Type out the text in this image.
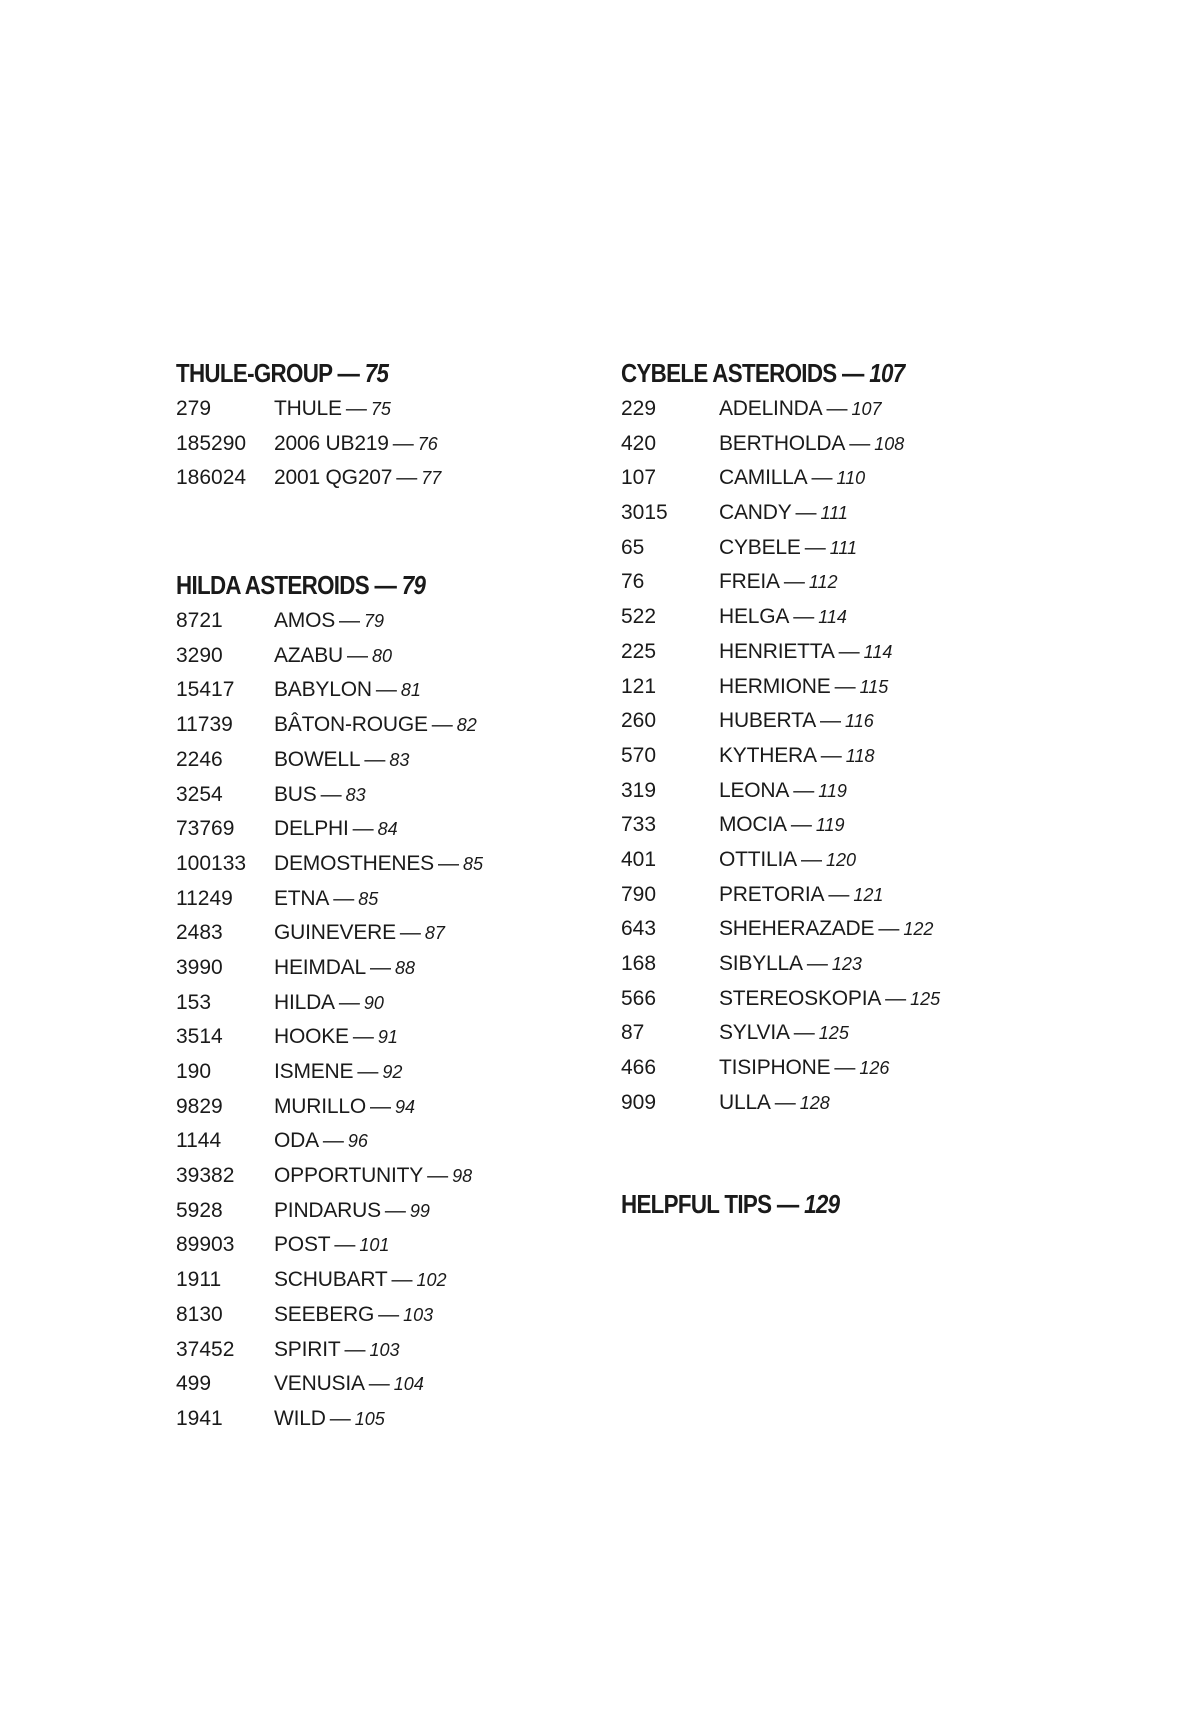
THULE-GROUP — 75
279	THULE — 75
185290	2006 UB219 — 76
186024	2001 QG207 — 77
HILDA ASTEROIDS — 79
8721	AMOS — 79
3290	AZABU — 80
15417	BABYLON — 81
11739	BÂTON-ROUGE — 82
2246	BOWELL — 83
3254	BUS — 83
73769	DELPHI — 84
100133	DEMOSTHENES — 85
11249	ETNA — 85
2483	GUINEVERE — 87
3990	HEIMDAL — 88
153	HILDA — 90
3514	HOOKE — 91
190	ISMENE — 92
9829	MURILLO — 94
1144	ODA — 96
39382	OPPORTUNITY — 98
5928	PINDARUS — 99
89903	POST — 101
1911	SCHUBART — 102
8130	SEEBERG — 103
37452	SPIRIT — 103
499	VENUSIA — 104
1941	WILD — 105
CYBELE ASTEROIDS — 107
229	ADELINDA — 107
420	BERTHOLDA — 108
107	CAMILLA — 110
3015	CANDY — 111
65	CYBELE — 111
76	FREIA — 112
522	HELGA — 114
225	HENRIETTA — 114
121	HERMIONE — 115
260	HUBERTA — 116
570	KYTHERA — 118
319	LEONA — 119
733	MOCIA — 119
401	OTTILIA — 120
790	PRETORIA — 121
643	SHEHERAZADE — 122
168	SIBYLLA — 123
566	STEREOSKOPIA — 125
87	SYLVIA — 125
466	TISIPHONE — 126
909	ULLA — 128
HELPFUL TIPS — 129
